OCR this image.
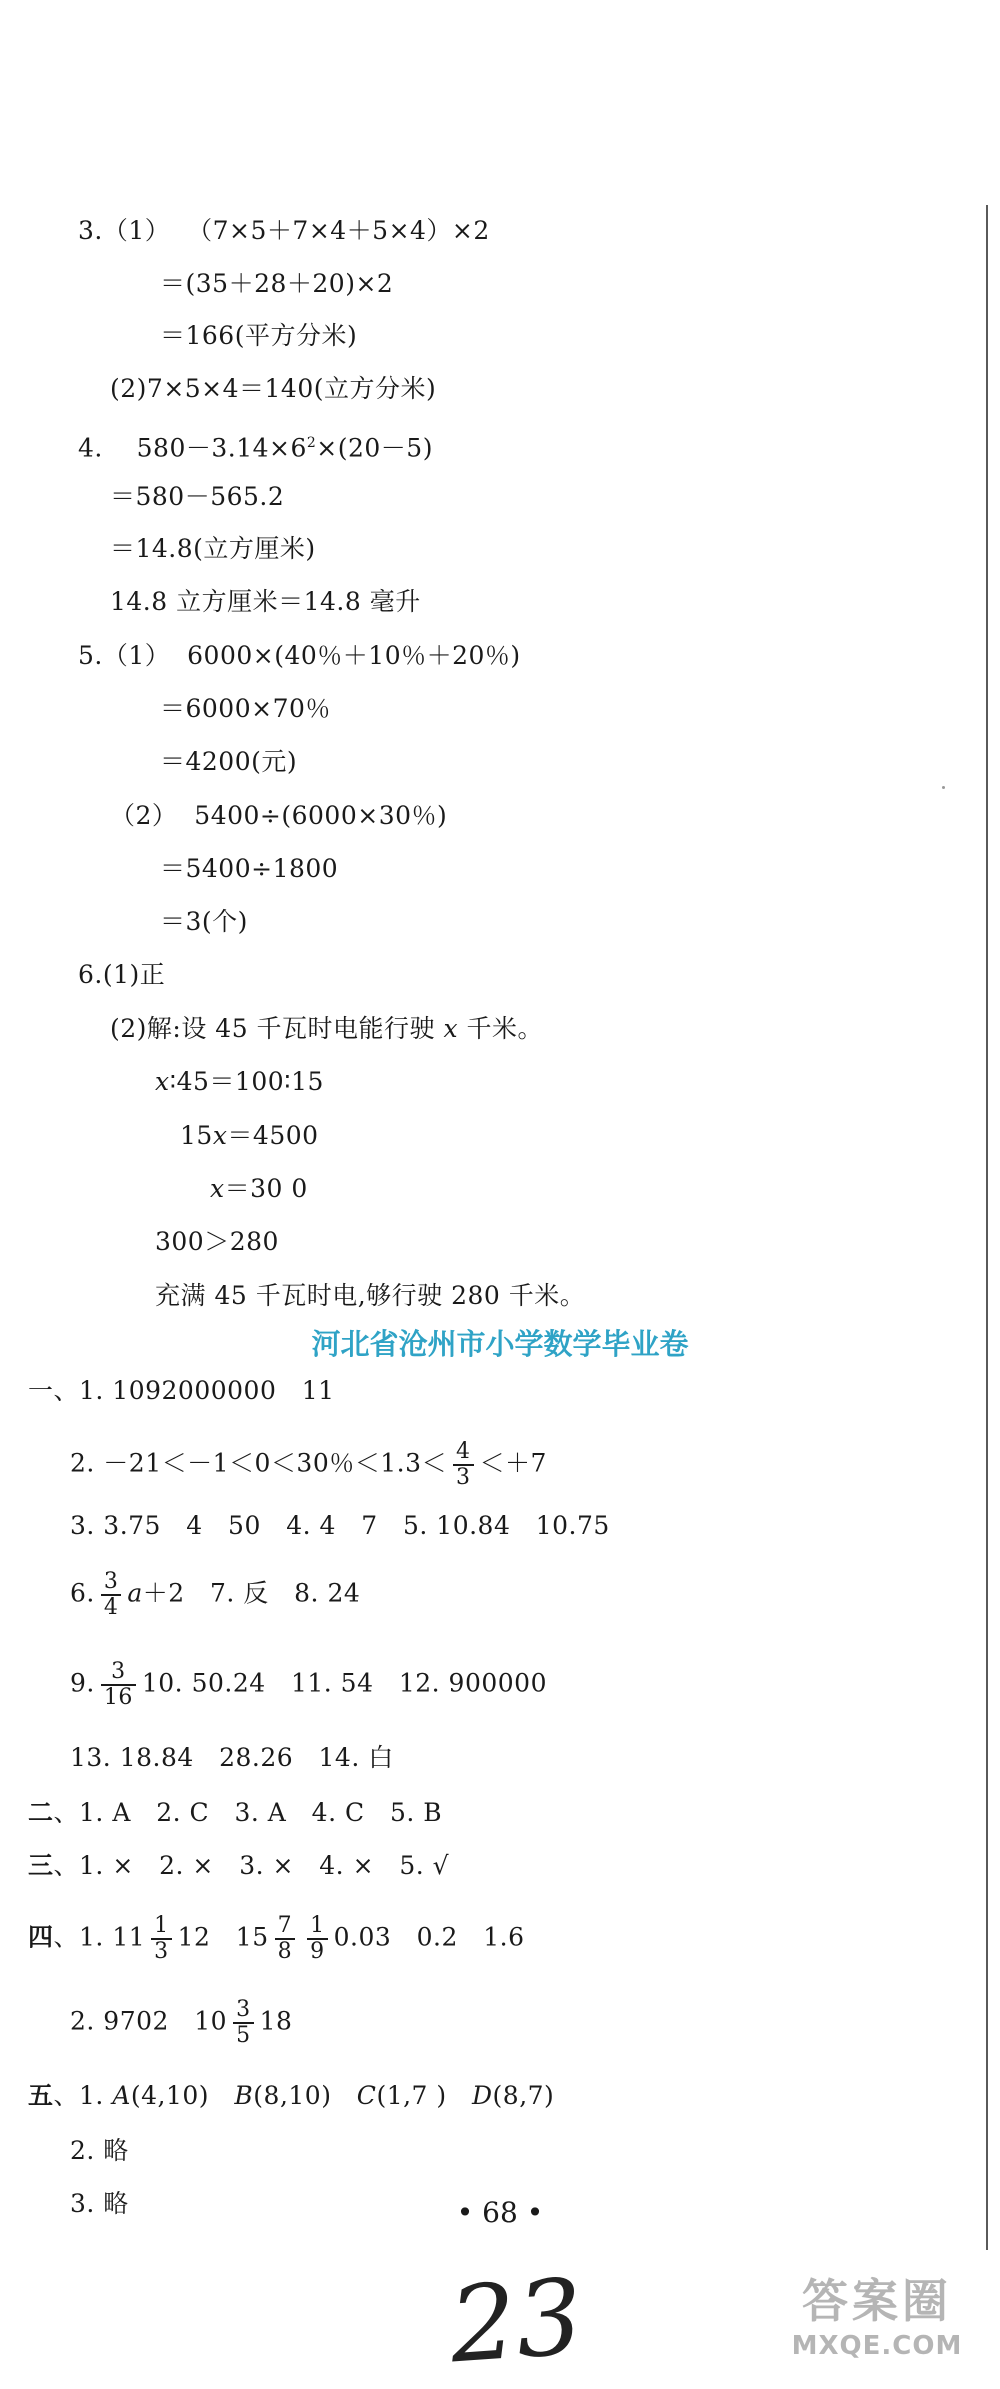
3.（1）  （7×5＋7×4＋5×4）×2
＝(35＋28＋20)×2
＝166(平方分米)
(2)7×5×4＝140(立方分米)
4.    $580-3.14\times 6^2\times(20-5)$
＝580－565.2
＝14.8(立方厘米)
14.8 立方厘米＝14.8 毫升
5.（1）  6000×(40％＋10％＋20％)
＝6000×70％
＝4200(元)
（2）  5400÷(6000×30％)
＝5400÷1800
＝3(个)
6.(1)正
(2)解:设 45 千瓦时电能行驶 x 千米。
x∶45＝100∶15
15x＝4500
x＝30 0
300＞280
充满 45 千瓦时电,够行驶 280 千米。
河北省沧州市小学数学毕业卷
一、1. 1092000000   11
2. －21＜－1＜0＜30％$<1.3< \frac{4}{3} <+7$
3. 3.75   4   50   4. 4   7   5. 10.84   10.75
6. $\frac{3}{4} a+2$   7. 反   8. 24
9. $\frac{3}{16} 10$. 50.24   11. 54   12. 900000
13. 18.84   28.26   14. 白
二、1. A   2. C   3. A   4. C   5. B
三、1. ×   2. ×   3. ×   4. ×   5. √
四、1. $11 \frac{1}{3} 12$   $15 \frac{7}{8} \frac{1}{9} 0.03$   0.2   1.6
2. 9702   $10 \frac{3}{5} 18$
五、1. A(4,10)   B(8,10)   C(1,7 )   D(8,7)
2. 略
3. 略	• 68 •
23	答案圈
MXQE.COM
